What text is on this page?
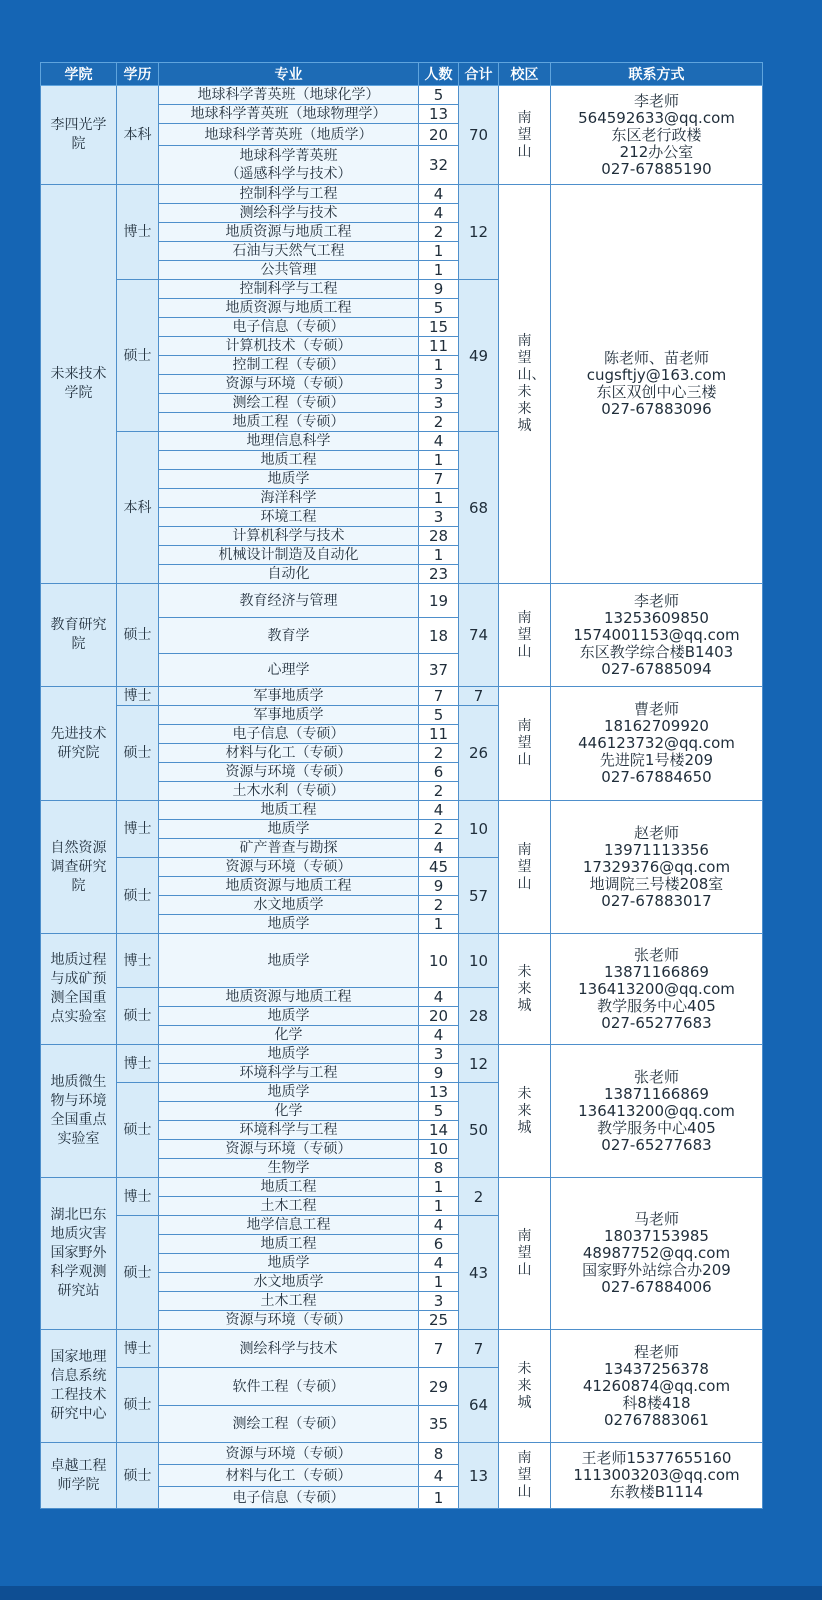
学院	学历	专业	人数	合计	校区	联系方式
李四光学院	本科	地球科学菁英班（地球化学）	5	70	南望山	李老师
564592633@qq.com
东区老行政楼
212办公室
027-67885190

		地球科学菁英班（地球物理学）	13			
		地球科学菁英班（地质学）	20			
		地球科学菁英班
（遥感科学与技术）	32			
未来技术学院	博士	控制科学与工程	4	12	南望山、未来城	陈老师、苗老师
cugsftjy@163.com
东区双创中心三楼
027-67883096

		测绘科学与技术	4			
		地质资源与地质工程	2			
		石油与天然气工程	1			
		公共管理	1			
	硕士	控制科学与工程	9	49		
		地质资源与地质工程	5			
		电子信息（专硕）	15			
		计算机技术（专硕）	11			
		控制工程（专硕）	1			
		资源与环境（专硕）	3			
		测绘工程（专硕）	3			
		地质工程（专硕）	2			
	本科	地理信息科学	4	68		
		地质工程	1			
		地质学	7			
		海洋科学	1			
		环境工程	3			
		计算机科学与技术	28			
		机械设计制造及自动化	1			
		自动化	23			
教育研究院	硕士	教育经济与管理	19	74	南望山	李老师
13253609850
1574001153@qq.com
东区教学综合楼B1403
027-67885094

		教育学	18			
		心理学	37			
先进技术研究院	博士	军事地质学	7	7	南望山	曹老师
18162709920
446123732@qq.com
先进院1号楼209
027-67884650

	硕士	军事地质学	5	26		
		电子信息（专硕）	11			
		材料与化工（专硕）	2			
		资源与环境（专硕）	6			
		土木水利（专硕）	2			
自然资源调查研究院	博士	地质工程	4	10	南望山	赵老师
13971113356
17329376@qq.com
地调院三号楼208室
027-67883017

		地质学	2			
		矿产普查与勘探	4			
	硕士	资源与环境（专硕）	45	57		
		地质资源与地质工程	9			
		水文地质学	2			
		地质学	1			
地质过程与成矿预测全国重点实验室	博士	地质学	10	10	未来城	张老师
13871166869
136413200@qq.com
教学服务中心405
027-65277683

	硕士	地质资源与地质工程	4	28		
		地质学	20			
		化学	4			
地质微生物与环境全国重点实验室	博士	地质学	3	12	未来城	张老师
13871166869
136413200@qq.com
教学服务中心405
027-65277683

		环境科学与工程	9			
	硕士	地质学	13	50		
		化学	5			
		环境科学与工程	14			
		资源与环境（专硕）	10			
		生物学	8			
湖北巴东地质灾害国家野外科学观测研究站	博士	地质工程	1	2	南望山	马老师
18037153985
48987752@qq.com
国家野外站综合办209
027-67884006

		土木工程	1			
	硕士	地学信息工程	4	43		
		地质工程	6			
		地质学	4			
		水文地质学	1			
		土木工程	3			
		资源与环境（专硕）	25			
国家地理信息系统工程技术研究中心	博士	测绘科学与技术	7	7	未来城	程老师
13437256378
41260874@qq.com
科8楼418
02767883061

	硕士	软件工程（专硕）	29	64		
		测绘工程（专硕）	35			
卓越工程师学院	硕士	资源与环境（专硕）	8	13	南望山	王老师15377655160
1113003203@qq.com
东教楼B1114

		材料与化工（专硕）	4			
		电子信息（专硕）	1			
